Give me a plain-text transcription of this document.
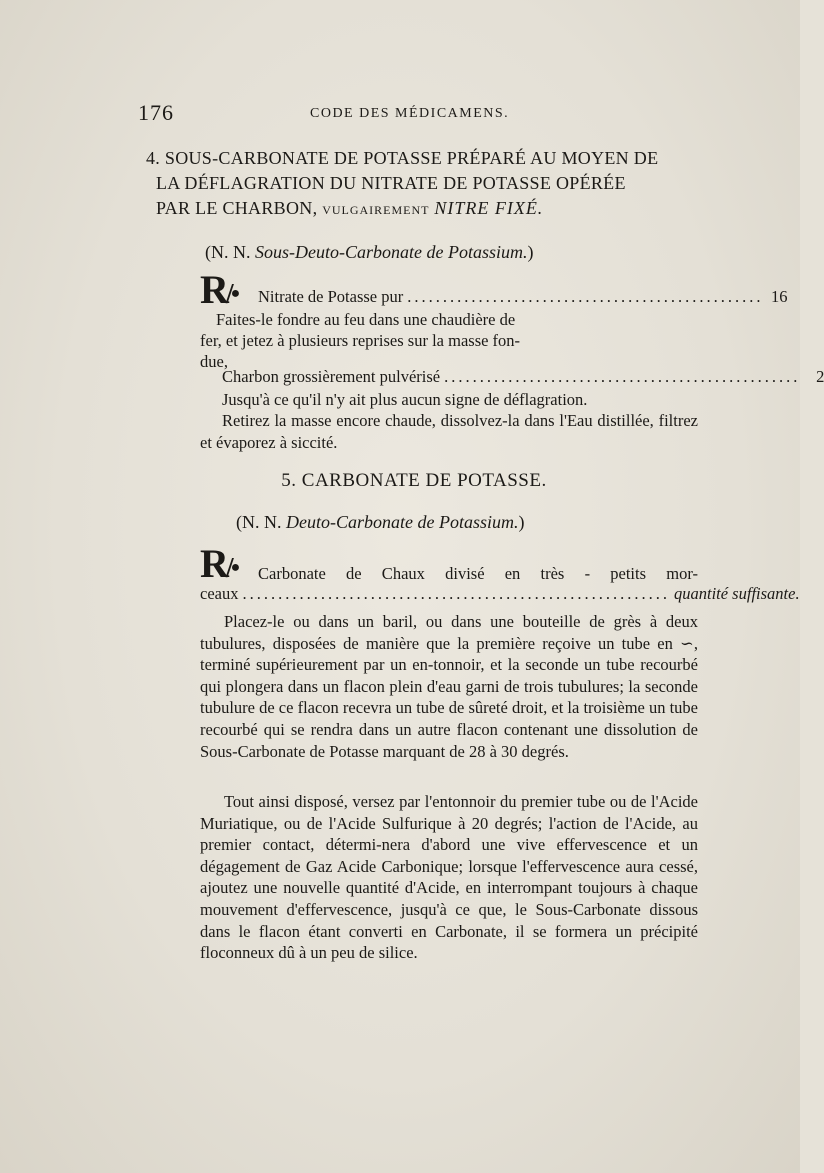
176	CODE DES MÉDICAMENS.
4. SOUS-CARBONATE DE POTASSE PRÉPARÉ AU MOYEN DE
LA DÉFLAGRATION DU NITRATE DE POTASSE OPÉRÉE
PAR LE CHARBON, VULGAIREMENT NITRE FIXÉ.
(N. N. Sous-Deuto-Carbonate de Potassium.)
R/● Nitrate de Potasse pur .................................................. 16
Faites-le fondre au feu dans une chaudière de
fer, et jetez à plusieurs reprises sur la masse fon-
due,
Charbon grossièrement pulvérisé .................................................. 2
Jusqu'à ce qu'il n'y ait plus aucun signe de déflagration.

Retirez la masse encore chaude, dissolvez-la dans l'Eau distillée, filtrez et évaporez à siccité.

5. CARBONATE DE POTASSE.
(N. N. Deuto-Carbonate de Potassium.)
R/● Carbonate de Chaux divisé en très - petits mor-
ceaux ............................................................ quantité suffisante.

Placez-le ou dans un baril, ou dans une bouteille de grès à deux tubulures, disposées de manière que la première reçoive un tube en ∽, terminé supérieurement par un en-tonnoir, et la seconde un tube recourbé qui plongera dans un flacon plein d'eau garni de trois tubulures; la seconde tubulure de ce flacon recevra un tube de sûreté droit, et la troisième un tube recourbé qui se rendra dans un autre flacon contenant une dissolution de Sous-Carbonate de Potasse marquant de 28 à 30 degrés.

Tout ainsi disposé, versez par l'entonnoir du premier tube ou de l'Acide Muriatique, ou de l'Acide Sulfurique à 20 degrés; l'action de l'Acide, au premier contact, détermi-nera d'abord une vive effervescence et un dégagement de Gaz Acide Carbonique; lorsque l'effervescence aura cessé, ajoutez une nouvelle quantité d'Acide, en interrompant toujours à chaque mouvement d'effervescence, jusqu'à ce que, le Sous-Carbonate dissous dans le flacon étant converti en Carbonate, il se formera un précipité floconneux dû à un peu de silice.
